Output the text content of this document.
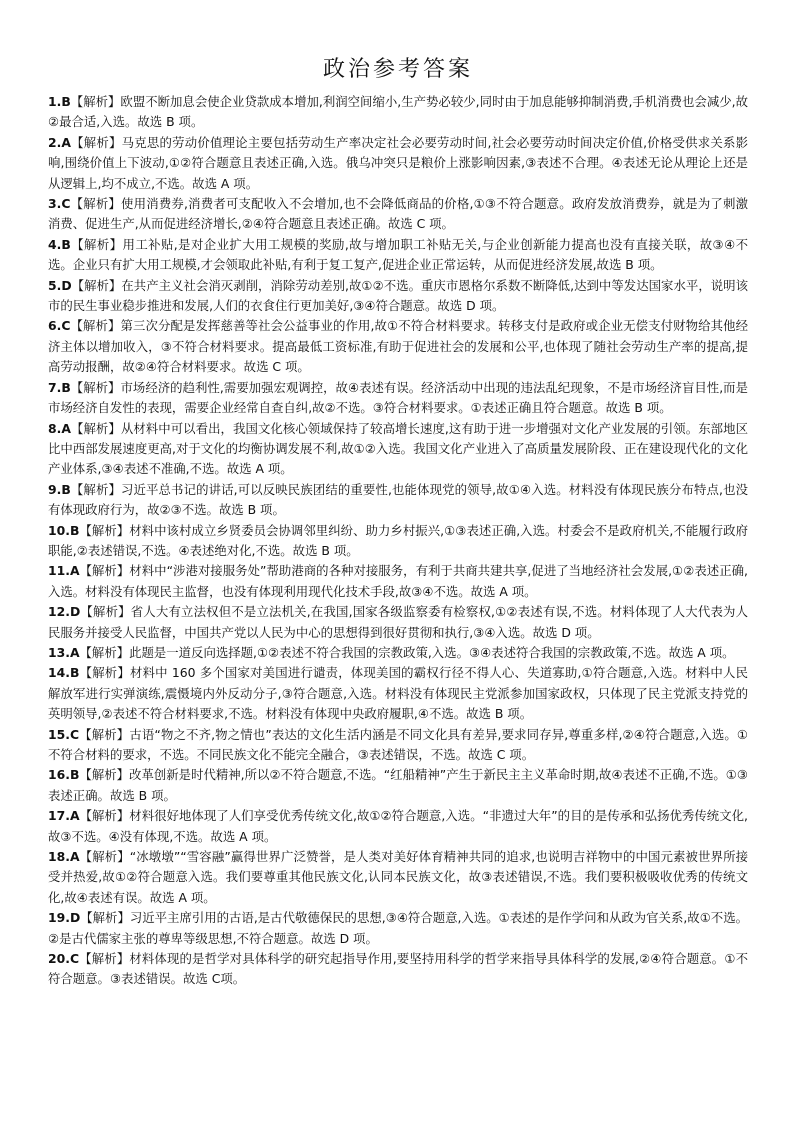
政治参考答案

1.B【解析】欧盟不断加息会使企业贷款成本增加,利润空间缩小,生产势必较少,同时由于加息能够抑制消费,手机消费也会减少,故②最合适,入选。故选 B 项。

2.A【解析】马克思的劳动价值理论主要包括劳动生产率决定社会必要劳动时间,社会必要劳动时间决定价值,价格受供求关系影响,围绕价值上下波动,①②符合题意且表述正确,入选。俄乌冲突只是粮价上涨影响因素,③表述不合理。④表述无论从理论上还是从逻辑上,均不成立,不选。故选 A 项。

3.C【解析】使用消费券,消费者可支配收入不会增加,也不会降低商品的价格,①③不符合题意。政府发放消费券，就是为了刺激消费、促进生产,从而促进经济增长,②④符合题意且表述正确。故选 C 项。

4.B【解析】用工补贴,是对企业扩大用工规模的奖励,故与增加职工补贴无关,与企业创新能力提高也没有直接关联，故③④不选。企业只有扩大用工规模,才会领取此补贴,有利于复工复产,促进企业正常运转，从而促进经济发展,故选 B 项。

5.D【解析】在共产主义社会消灭剥削，消除劳动差别,故①②不选。重庆市恩格尔系数不断降低,达到中等发达国家水平，说明该市的民生事业稳步推进和发展,人们的衣食住行更加美好,③④符合题意。故选 D 项。

6.C【解析】第三次分配是发挥慈善等社会公益事业的作用,故①不符合材料要求。转移支付是政府或企业无偿支付财物给其他经济主体以增加收入，③不符合材料要求。提高最低工资标准,有助于促进社会的发展和公平,也体现了随社会劳动生产率的提高,提高劳动报酬，故②④符合材料要求。故选 C 项。

7.B【解析】市场经济的趋利性,需要加强宏观调控，故④表述有误。经济活动中出现的违法乱纪现象，不是市场经济盲目性,而是市场经济自发性的表现，需要企业经常自查自纠,故②不选。③符合材料要求。①表述正确且符合题意。故选 B 项。

8.A【解析】从材料中可以看出，我国文化核心领域保持了较高增长速度,这有助于进一步增强对文化产业发展的引领。东部地区比中西部发展速度更高,对于文化的均衡协调发展不利,故①②入选。我国文化产业进入了高质量发展阶段、正在建设现代化的文化产业体系,③④表述不准确,不选。故选 A 项。

9.B【解析】习近平总书记的讲话,可以反映民族团结的重要性,也能体现党的领导,故①④入选。材料没有体现民族分布特点,也没有体现政府行为，故②③不选。故选 B 项。

10.B【解析】材料中该村成立乡贤委员会协调邻里纠纷、助力乡村振兴,①③表述正确,入选。村委会不是政府机关,不能履行政府职能,②表述错误,不选。④表述绝对化,不选。故选 B 项。

11.A【解析】材料中“涉港对接服务处”帮助港商的各种对接服务，有利于共商共建共享,促进了当地经济社会发展,①②表述正确,入选。材料没有体现民主监督，也没有体现利用现代化技术手段,故③④不选。故选 A 项。

12.D【解析】省人大有立法权但不是立法机关,在我国,国家各级监察委有检察权,①②表述有误,不选。材料体现了人大代表为人民服务并接受人民监督，中国共产党以人民为中心的思想得到很好贯彻和执行,③④入选。故选 D 项。

13.A【解析】此题是一道反向选择题,①②表述不符合我国的宗教政策,入选。③④表述符合我国的宗教政策,不选。故选 A 项。

14.B【解析】材料中 160 多个国家对美国进行谴责，体现美国的霸权行径不得人心、失道寡助,①符合题意,入选。材料中人民解放军进行实弹演练,震慑境内外反动分子,③符合题意,入选。材料没有体现民主党派参加国家政权，只体现了民主党派支持党的英明领导,②表述不符合材料要求,不选。材料没有体现中央政府履职,④不选。故选 B 项。

15.C【解析】古语“物之不齐,物之情也”表达的文化生活内涵是不同文化具有差异,要求同存异,尊重多样,②④符合题意,入选。①不符合材料的要求，不选。不同民族文化不能完全融合，③表述错误，不选。故选 C 项。

16.B【解析】改革创新是时代精神,所以②不符合题意,不选。“红船精神”产生于新民主主义革命时期,故④表述不正确,不选。①③表述正确。故选 B 项。

17.A【解析】材料很好地体现了人们享受优秀传统文化,故①②符合题意,入选。“非遗过大年”的目的是传承和弘扬优秀传统文化,故③不选。④没有体现,不选。故选 A 项。

18.A【解析】“冰墩墩”“雪容融”赢得世界广泛赞誉，是人类对美好体育精神共同的追求,也说明吉祥物中的中国元素被世界所接受并热爱,故①②符合题意入选。我们要尊重其他民族文化,认同本民族文化，故③表述错误,不选。我们要积极吸收优秀的传统文化,故④表述有误。故选 A 项。

19.D【解析】习近平主席引用的古语,是古代敬德保民的思想,③④符合题意,入选。①表述的是作学问和从政为官关系,故①不选。②是古代儒家主张的尊卑等级思想,不符合题意。故选 D 项。

20.C【解析】材料体现的是哲学对具体科学的研究起指导作用,要坚持用科学的哲学来指导具体科学的发展,②④符合题意。①不符合题意。③表述错误。故选 C项。
